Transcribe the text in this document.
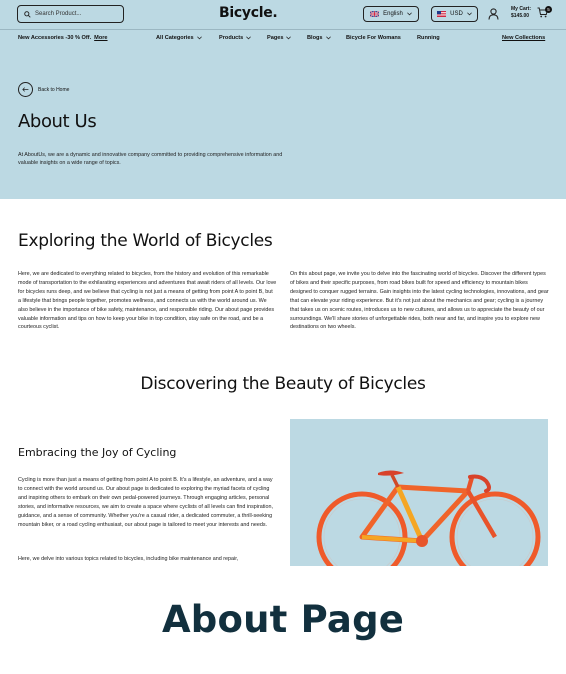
Search Product...	Bicycle.	English	USD
My Cart:
$145.00
5
New Accessories -30 % Off. More	All Categories	Products	Pages	Blogs	Bicycle For Womans	Running	New Collections
Back to Home
About Us
At AboutUs, we are a dynamic and innovative company committed to providing comprehensive information and valuable insights on a wide range of topics.
Exploring the World of Bicycles
Here, we are dedicated to everything related to bicycles, from the history and evolution of this remarkable mode of transportation to the exhilarating experiences and adventures that await riders of all levels. Our love for bicycles runs deep, and we believe that cycling is not just a means of getting from point A to point B, but a lifestyle that brings people together, promotes wellness, and connects us with the world around us. We also believe in the importance of bike safety, maintenance, and responsible riding. Our about page provides valuable information and tips on how to keep your bike in top condition, stay safe on the road, and be a courteous cyclist.
On this about page, we invite you to delve into the fascinating world of bicycles. Discover the different types of bikes and their specific purposes, from road bikes built for speed and efficiency to mountain bikes designed to conquer rugged terrains. Gain insights into the latest cycling technologies, innovations, and gear that can elevate your riding experience. But it's not just about the mechanics and gear; cycling is a journey that takes us on scenic routes, introduces us to new cultures, and allows us to appreciate the beauty of our surroundings. We'll share stories of unforgettable rides, both near and far, and inspire you to explore new destinations on two wheels.
Discovering the Beauty of Bicycles
Embracing the Joy of Cycling
Cycling is more than just a means of getting from point A to point B. It's a lifestyle, an adventure, and a way to connect with the world around us. Our about page is dedicated to exploring the myriad facets of cycling and inspiring others to embark on their own pedal-powered journeys. Through engaging articles, personal stories, and informative resources, we aim to create a space where cyclists of all levels can find inspiration, guidance, and a sense of community. Whether you're a casual rider, a dedicated commuter, a thrill-seeking mountain biker, or a road cycling enthusiast, our about page is tailored to meet your interests and needs.
Here, we delve into various topics related to bicycles, including bike maintenance and repair,
About Page
